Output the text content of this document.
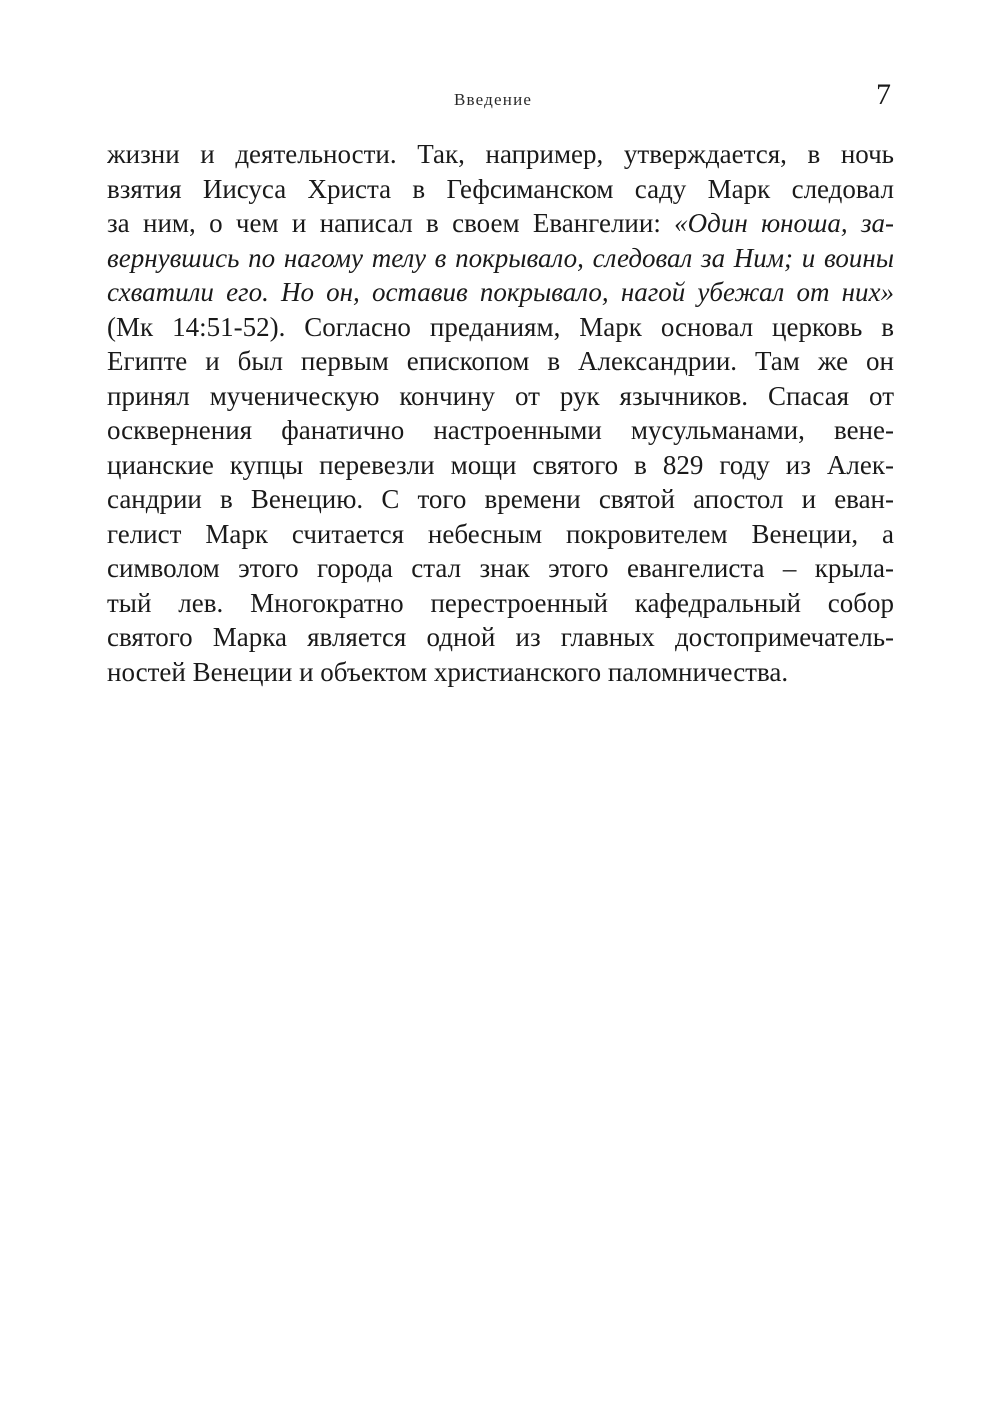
Введение	7
жизни и деятельности. Так, например, утверждается, в ночь
взятия Иисуса Христа в Гефсиманском саду Марк следовал
за ним, о чем и написал в своем Евангелии: «Один юноша, за-
вернувшись по нагому телу в покрывало, следовал за Ним; и воины
схватили его. Но он, оставив покрывало, нагой убежал от них»
(Мк 14:51-52). Согласно преданиям, Марк основал церковь в
Египте и был первым епископом в Александрии. Там же он
принял мученическую кончину от рук язычников. Спасая от
осквернения фанатично настроенными мусульманами, вене-
цианские купцы перевезли мощи святого в 829 году из Алек-
сандрии в Венецию. С того времени святой апостол и еван-
гелист Марк считается небесным покровителем Венеции, а
символом этого города стал знак этого евангелиста – крыла-
тый лев. Многократно перестроенный кафедральный собор
святого Марка является одной из главных достопримечатель-
ностей Венеции и объектом христианского паломничества.
